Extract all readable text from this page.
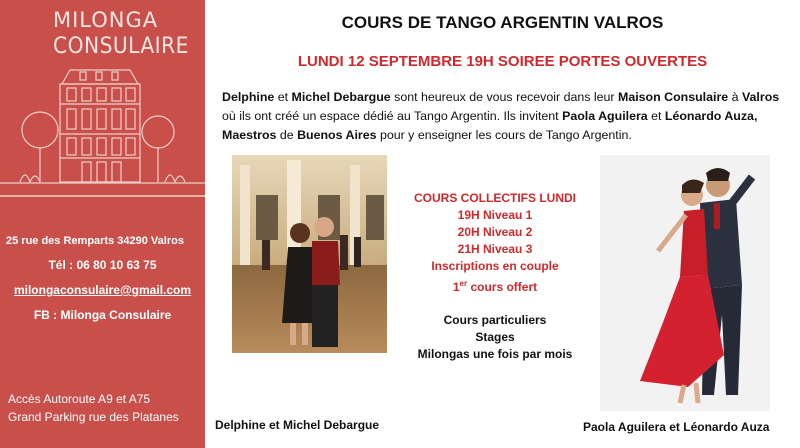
MILONGA
CONSULAIRE
25 rue des Remparts 34290 Valros
Tél : 06 80 10 63 75
milongaconsulaire@gmail.com
FB : Milonga Consulaire
Accès Autoroute A9 et A75
Grand Parking rue des Platanes
COURS DE TANGO ARGENTIN VALROS
LUNDI 12 SEPTEMBRE 19H SOIREE PORTES OUVERTES
Delphine et Michel Debargue sont heureux de vous recevoir dans leur Maison Consulaire à Valros où ils ont créé un espace dédié au Tango Argentin. Ils invitent Paola Aguilera et Léonardo Auza, Maestros de Buenos Aires pour y enseigner les cours de Tango Argentin.
COURS COLLECTIFS LUNDI
19H Niveau 1
20H Niveau 2
21H Niveau 3
Inscriptions en couple
1er cours offert
Cours particuliers
Stages
Milongas une fois par mois
Delphine et Michel Debargue	Paola Aguilera et Léonardo Auza
